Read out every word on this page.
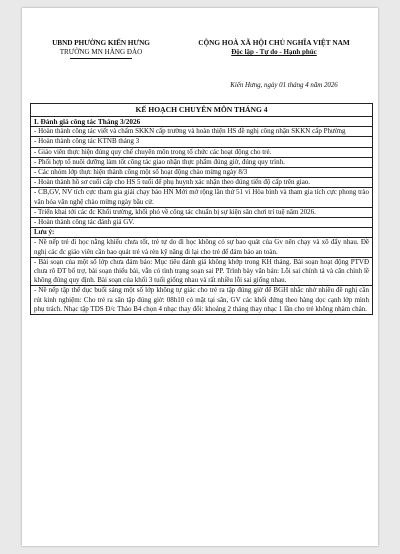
UBND PHƯỜNG KIẾN HƯNG
TRƯỜNG MN HÀNG ĐÀO
CỘNG HOÀ XÃ HỘI CHỦ NGHĨA VIỆT NAM
Độc lập - Tự do - Hạnh phúc
Kiến Hưng, ngày 01 tháng 4 năm 2026
KẾ HOẠCH CHUYÊN MÔN THÁNG 4
I. Đánh giá công tác Tháng 3/2026
- Hoàn thành công tác viết và chấm SKKN cấp trường và hoàn thiện HS đề nghị công nhận SKKN cấp Phường
- Hoàn thành công tác KTNB tháng 3
- Giáo viên thực hiện đúng quy chế chuyên môn trong tổ chức các hoạt động cho trẻ.
- Phối hợp tổ nuôi dưỡng làm tốt công tác giao nhận thực phẩm đúng giờ, đúng quy trình.
- Các nhóm lớp thực hiện thành công một số hoạt động chào mừng ngày 8/3
- Hoàn thành hồ sơ cuối cấp cho HS 5 tuổi để phụ huynh xác nhận theo đúng tiến độ cấp trên giao.
- CB,GV, NV tích cực tham gia giải chạy báo HN Mới mở rộng lần thứ 51 vì Hòa bình và tham gia tích cực phong trào văn hóa văn nghệ chào mừng ngày bầu cử.
- Triển khai tới các đc Khối trường, khối phó về công tác chuẩn bị sự kiện sân chơi trí tuệ năm 2026.
- Hoàn thành công tác đánh giá GV.
Lưu ý:
- Nề nếp trẻ đi học nằng khiếu chưa tốt, trẻ tự do đi học không có sự bao quát của Gv nên chạy và xô đẩy nhau. Đề nghị các đc giáo viên cần bao quát trẻ và rèn kỹ năng đi lại cho trẻ để đảm bảo an toàn.
- Bài soạn của một số lớp chưa đảm bảo: Mục tiêu đánh giá không khớp trong KH tháng. Bài soạn hoạt động PTVĐ chưa rõ ĐT bổ trợ, bài soạn thiếu bài, vẫn có tình trạng soạn sai PP. Trình bày văn bản: Lỗi sai chính tả và căn chỉnh lề không đúng quy định. Bài soạn của khối 3 tuổi giống nhau và rất nhiều lỗi sai giống nhau.
- Nề nếp tập thể dục buổi sáng một số lớp không tự giác cho trẻ ra tập đúng giờ để BGH nhắc nhở nhiều đề nghị cần rút kinh nghiệm: Cho trẻ ra sân tập đúng giờ: 08h10 có mặt tại sân, GV các khối đứng theo hàng dọc cạnh lớp mình phụ trách. Nhạc tập TDS Đ/c Thảo B4 chọn 4 nhạc thay đổi: khoảng 2 tháng thay nhạc 1 lần cho trẻ không nhàm chán.
